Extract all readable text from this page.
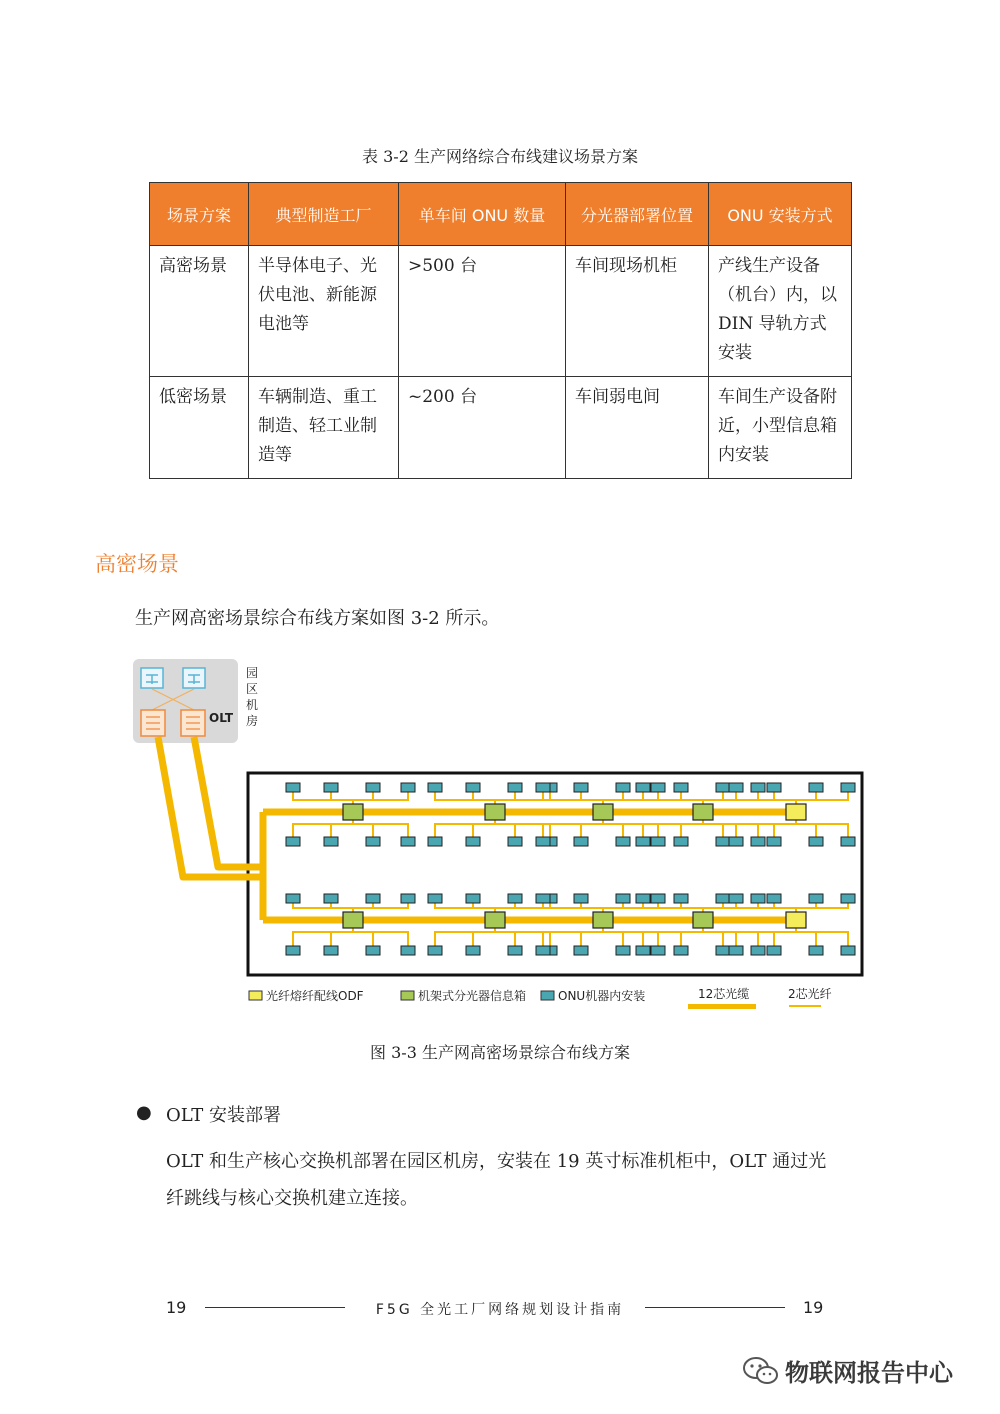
表 3-2 生产网络综合布线建议场景方案
场景方案	典型制造工厂	单车间 ONU 数量	分光器部署位置	ONU 安装方式
高密场景	半导体电子、光伏电池、新能源电池等	>500 台	车间现场机柜	产线生产设备（机台）内，以 DIN 导轨方式安装
低密场景	车辆制造、重工制造、轻工业制造等	~200 台	车间弱电间	车间生产设备附近，小型信息箱内安装
高密场景
生产网高密场景综合布线方案如图 3-2 所示。
OLT
园区机房
光纤熔纤配线ODF	机架式分光器信息箱	ONU机器内安装	12芯光缆	2芯光纤
图 3-3 生产网高密场景综合布线方案
● OLT 安装部署
OLT 和生产核心交换机部署在园区机房，安装在 19 英寸标准机柜中，OLT 通过光
纤跳线与核心交换机建立连接。
19	F5G 全光工厂网络规划设计指南	19
物联网报告中心
